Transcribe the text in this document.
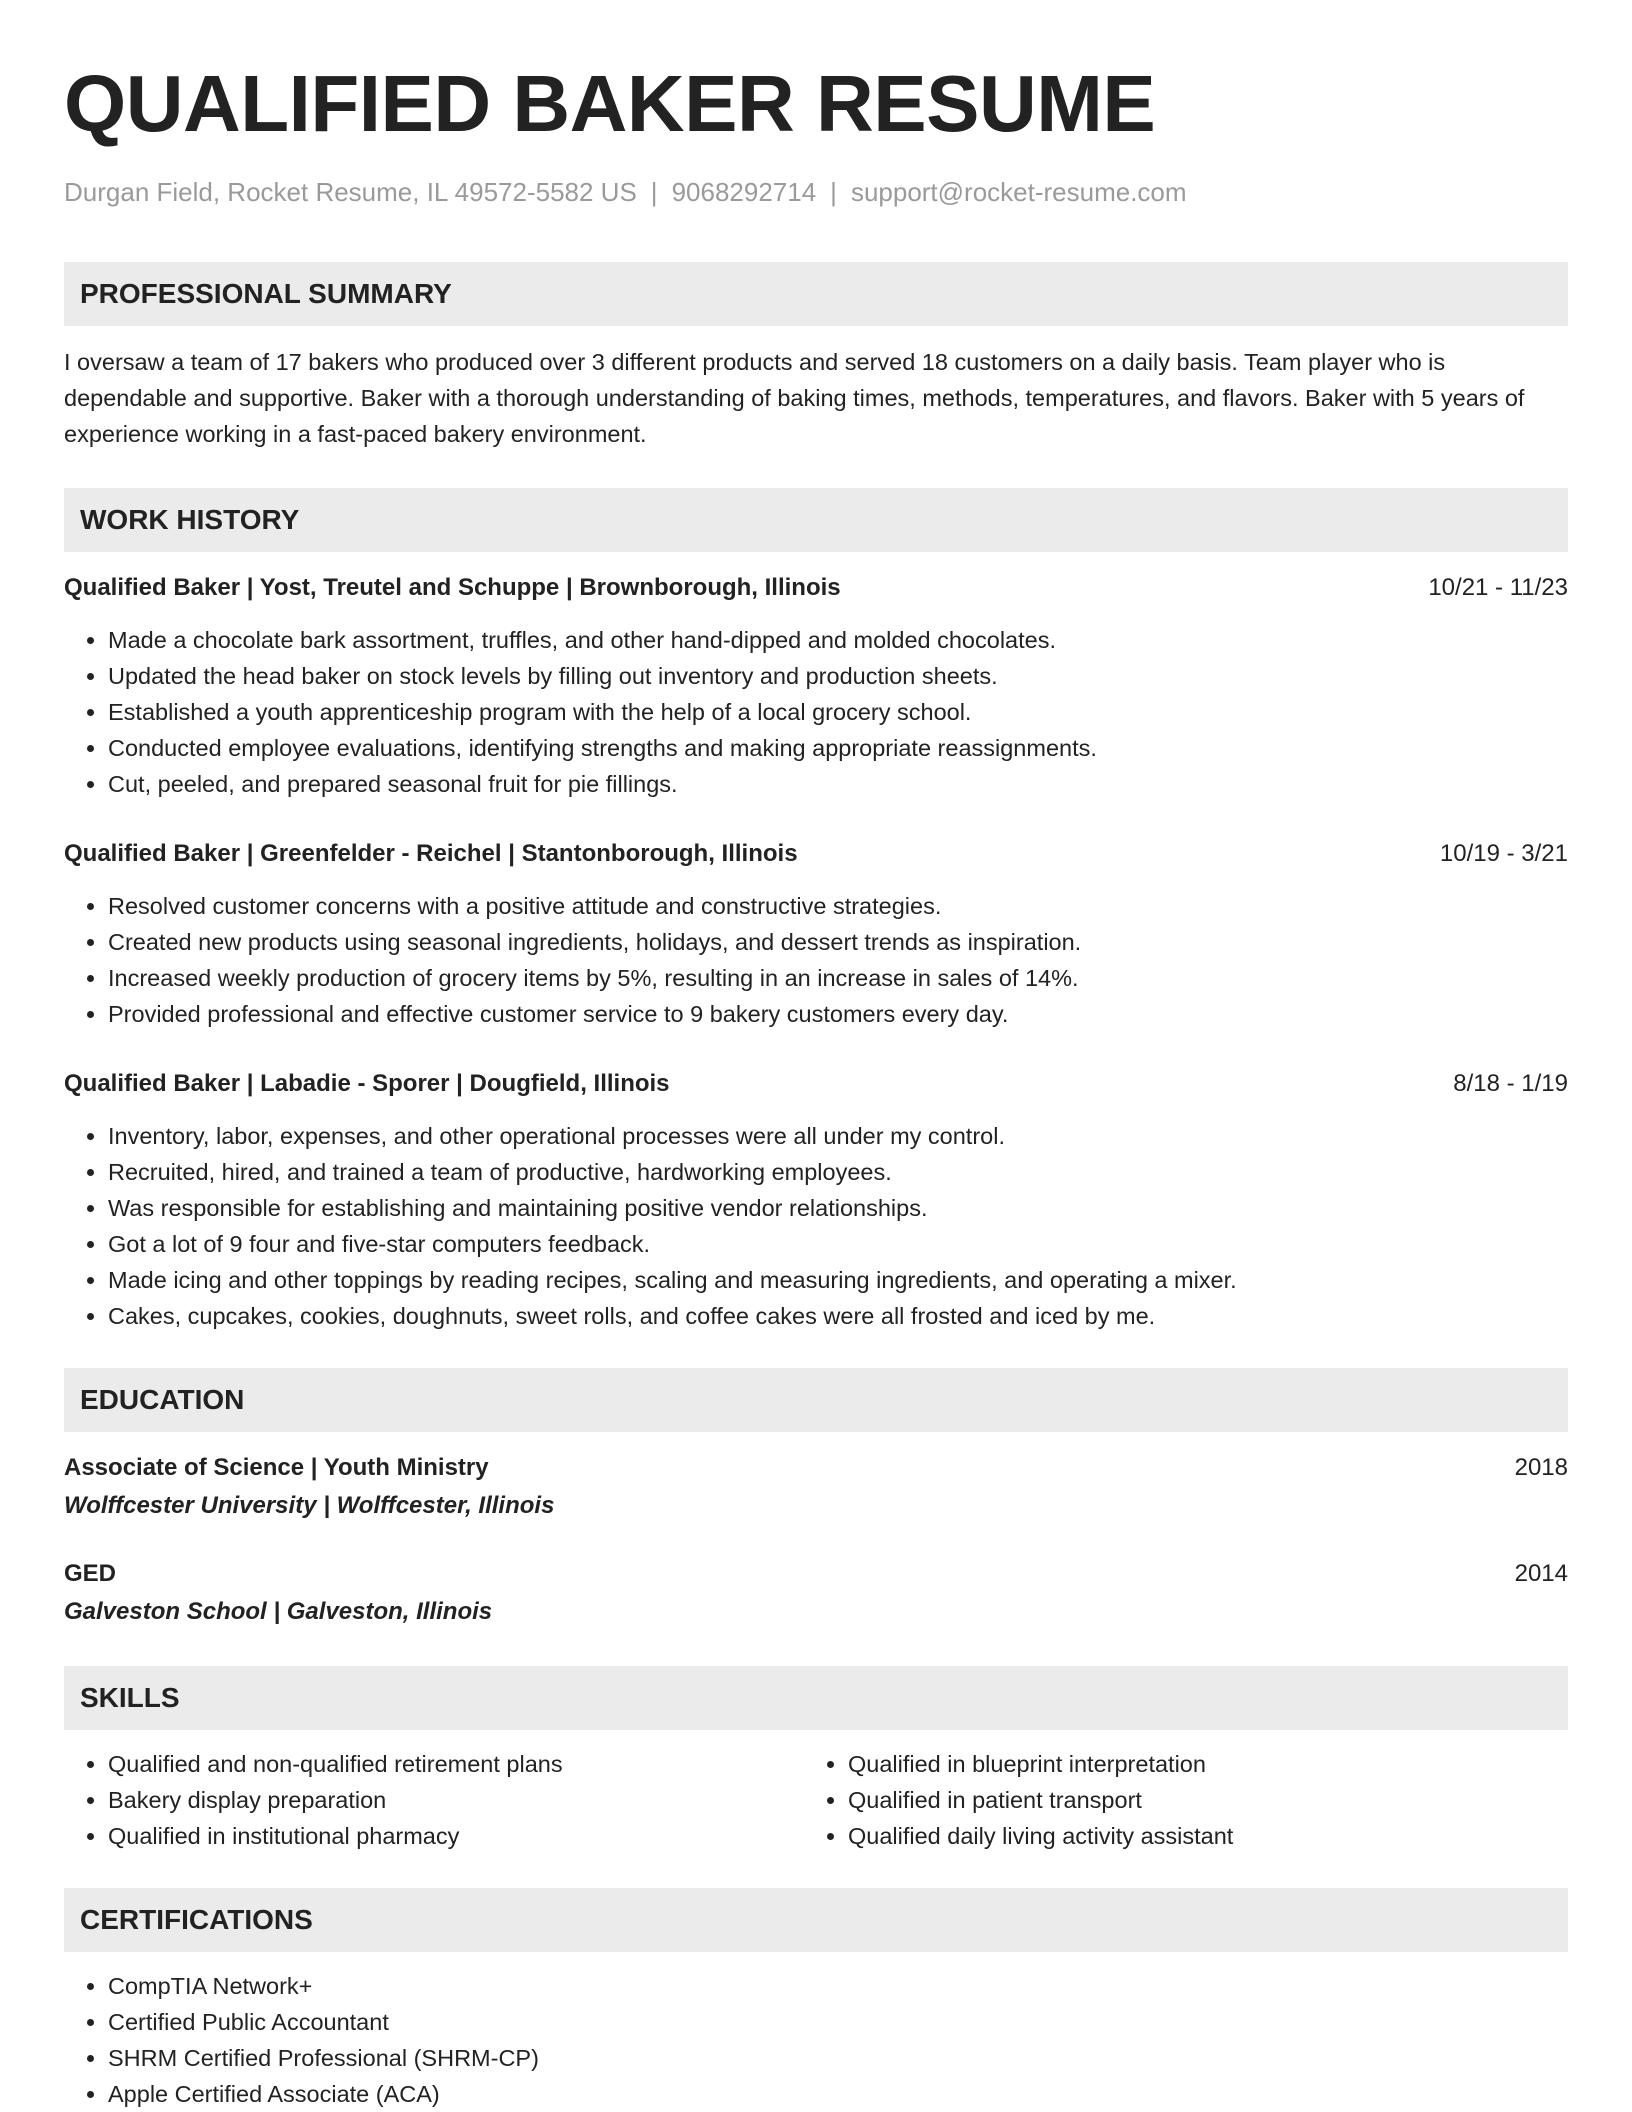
QUALIFIED BAKER RESUME
Durgan Field, Rocket Resume, IL 49572-5582 US | 9068292714 | support@rocket-resume.com
PROFESSIONAL SUMMARY
I oversaw a team of 17 bakers who produced over 3 different products and served 18 customers on a daily basis. Team player who is dependable and supportive. Baker with a thorough understanding of baking times, methods, temperatures, and flavors. Baker with 5 years of experience working in a fast-paced bakery environment.
WORK HISTORY
Qualified Baker | Yost, Treutel and Schuppe | Brownborough, Illinois	10/21 - 11/23
• Made a chocolate bark assortment, truffles, and other hand-dipped and molded chocolates.
• Updated the head baker on stock levels by filling out inventory and production sheets.
• Established a youth apprenticeship program with the help of a local grocery school.
• Conducted employee evaluations, identifying strengths and making appropriate reassignments.
• Cut, peeled, and prepared seasonal fruit for pie fillings.
Qualified Baker | Greenfelder - Reichel | Stantonborough, Illinois	10/19 - 3/21
• Resolved customer concerns with a positive attitude and constructive strategies.
• Created new products using seasonal ingredients, holidays, and dessert trends as inspiration.
• Increased weekly production of grocery items by 5%, resulting in an increase in sales of 14%.
• Provided professional and effective customer service to 9 bakery customers every day.
Qualified Baker | Labadie - Sporer | Dougfield, Illinois	8/18 - 1/19
• Inventory, labor, expenses, and other operational processes were all under my control.
• Recruited, hired, and trained a team of productive, hardworking employees.
• Was responsible for establishing and maintaining positive vendor relationships.
• Got a lot of 9 four and five-star computers feedback.
• Made icing and other toppings by reading recipes, scaling and measuring ingredients, and operating a mixer.
• Cakes, cupcakes, cookies, doughnuts, sweet rolls, and coffee cakes were all frosted and iced by me.
EDUCATION
Associate of Science | Youth Ministry	2018
Wolffcester University | Wolffcester, Illinois
GED	2014
Galveston School | Galveston, Illinois
SKILLS
• Qualified and non-qualified retirement plans
• Bakery display preparation
• Qualified in institutional pharmacy
• Qualified in blueprint interpretation
• Qualified in patient transport
• Qualified daily living activity assistant
CERTIFICATIONS
• CompTIA Network+
• Certified Public Accountant
• SHRM Certified Professional (SHRM-CP)
• Apple Certified Associate (ACA)
